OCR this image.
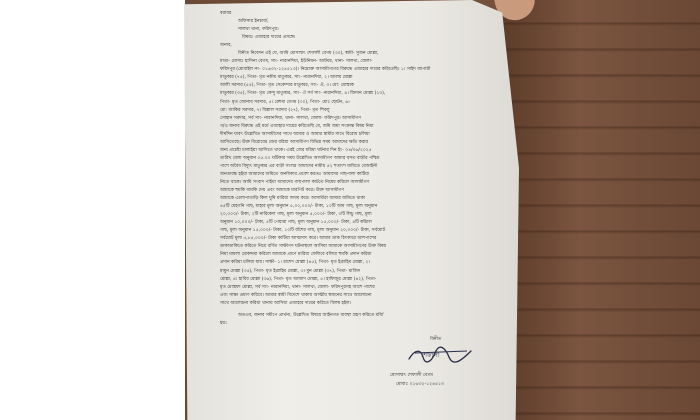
বরাবর
অফিসার ইনচার্জ,
সালথা থানা, ফরিদপুর।
বিষয়ঃ এজাহার দায়ের প্রসঙ্গে।
জনাব,
বিনীত নিবেদন এই যে, আমি মোসাম্মৎ শেফালী বেগম (৩০), স্বামী- সুজন মোল্লা,
মাতা- মোসাঃ হাসিনা বেগম, সাং- নারানদিয়া, ইউনিয়ন- আটঘর, থানা- সালথা, জেলা-
ফরিদপুর (মোবাইল নং- ০১৬৩২-১২৪৫১৩)। নিম্নোক্ত আসামীগণের বিরুদ্ধে এজাহার দায়ের করিতেছি। ১। সাইদ ব্যাপারী
মাতুব্বর (৭৫), পিতা- মৃত নকীম মাতুব্বর, সাং- নারানদিয়া, ২। আলম মোল্লা
আলী সরদার (৫৫), পিতা- মৃত সেকেন্দার মাতুব্বর, সাং- ঐ, ৩। মো: মোস্তাক
মাতুব্বর (৩৫), পিতা- মৃত কেন্দু মাতুব্বর, সাং- ঐ সর্ব সাং- নারানদিয়া, ৪। জিদান মোল্লা (২৩),
পিতা- মৃত জোনাব সরদার, ৫। রেশমা বেগম (৩০), পিতা- মোঃ ছোটন, ৬।
মো: জাকির সরদার, ৭। বিল্লাল সরদার (২৭), পিতা- মৃত শিবলু
সোহান সরদার, সর্ব সাং- নারানদিয়া, থানা- সালথা, জেলা- ফরিদপুর। আসামীগণ
গ/ও জনাব বিরুদ্ধে এই মর্মে এজাহার দায়ের করিতেছি যে, জমি জমা সংক্রান্ত বিষয় নিয়া
দীর্ঘদিন যাবৎ উল্লেখিত আসামীদের সাথে আমার ও আমার স্বামীর সাথে বিরোধ চলিয়া
আসিতেছে। উক্ত বিরোধের জের ধরিয়া আসামীগণ বিভিন্ন সময় আমাদের ক্ষতি করার
জন্য প্রচেষ্টা চালাইয়া আসিতে থাকে। এরই জের ধরিয়া ঘটনার দিন ইং- ০৪/০৬/২০২৫
তারিখ বেলা অনুমান ০৫.০০ ঘটিকার সময় উল্লেখিত আসামীগণ আমার বসত বাড়ীর পশ্চিম
পাশে অবৈধ বিদ্যুৎ মাতুব্বর এর বাড়ী সংলগ্ন আমাদের নামীয় ৫২ শতাংশ জমিতে বেআইনী
জনতাবদ্ধ হইয়া আমাদের জমিতে অনধিকার প্রবেশ করতঃ আমাদের গাছপালা কাটিয়া
নিতে থাকে। আমি সংবাদ পাইয়া আমাদের গাছপালা কাটতে নিষেধ করিলে আসামীগণ
আমাকে হুমকি ধামকি দেয় এবং আমাকে মারপিট করে। উক্ত আসামীগণ
আমাকে এলোপাতাড়ি কিল ঘুষি মারিয়া জখম করে। আসামীরা আমার জমিতে থাকা
৪৫টি মেহগনি গাছ, যাহার মূল্য অনুমান ৫,০০,০০০/- টাকা, ১০টি আম গাছ, মূল্য অনুমান
২০,০০০/- টাকা, ২টি নারিকেল গাছ, মূল্য অনুমান ৫,০০০/- টাকা, ৩টি লিচু গাছ, মূল্য
অনুমান ১০,০০০/- টাকা, ৫টি পেয়ারা গাছ, মূল্য অনুমান ১৫,০০০/- টাকা, ৪টি কাঁঠাল
গাছ, মূল্য অনুমান ১৫,০০০/- টাকা, ১০টি বাঁশের গাছ, মূল্য অনুমান ২০,০০০/- টাকা, সর্বমোট
সর্বমোট মূল্য ৫,৮৫,০০০/- টাকা কাটিয়া আত্মসাৎ করে। আমার ডাক চিৎকারে আশপাশের
ডাকাডাকিতে করিতে নিয়ে বর্ণিত সাক্ষীগণ ঘটনাস্থলে আসিয়া আমাকে আসামীগণের উক্ত বিষয়
নিয়া মামলা মোকদ্দমা করিলে আমাকে প্রাণে মারিয়া ফেলিবে বলিয়া হুমকি প্রদান করিয়া
প্রদান করিয়া চলিয়া যায়। সাক্ষী- ১। রাশেদ মোল্লা (৪৫), পিতা- মৃত ইব্রাহিম মোল্লা, ২।
মামুন মোল্লা (৩৫), পিতা- মৃত ইব্রাহিম মোল্লা, ৩। মুন মোল্লা (৩৭), পিতা- মাজিদ
মোল্লা, ৪। হাবিব মোল্লা (৩৬), পিতা- মৃত আজাদ মোল্লা, ৫। হাফিজুর মোল্লা (৪২), পিতা-
মৃত মোস্তফা মোল্লা, সর্ব সাং- নারানদিয়া, থানা- সালথা, জেলা- ফরিদপুরসহ আশে পাশের
এবং সাক্ষ্য প্রমাণ করিবে। আমার স্বামী বিদেশে থাকায় আত্মীয় স্বজনের সাথে আলোচনা
সাথে আলোচনা করিয়া থানায় আসিয়া এজাহার দায়ের করিতে বিলম্ব হইল।
অতএব, জনাব সমীপে প্রার্থনা, উল্লেখিত বিষয়ে আইনগত ব্যবস্থা গ্রহণ করিতে মর্জি
হয়।
বিনীত
শেফালী
মোসাম্মৎ শেফালী বেগম
মোবাঃ ০১৬৩২-১২৪৫১৩
